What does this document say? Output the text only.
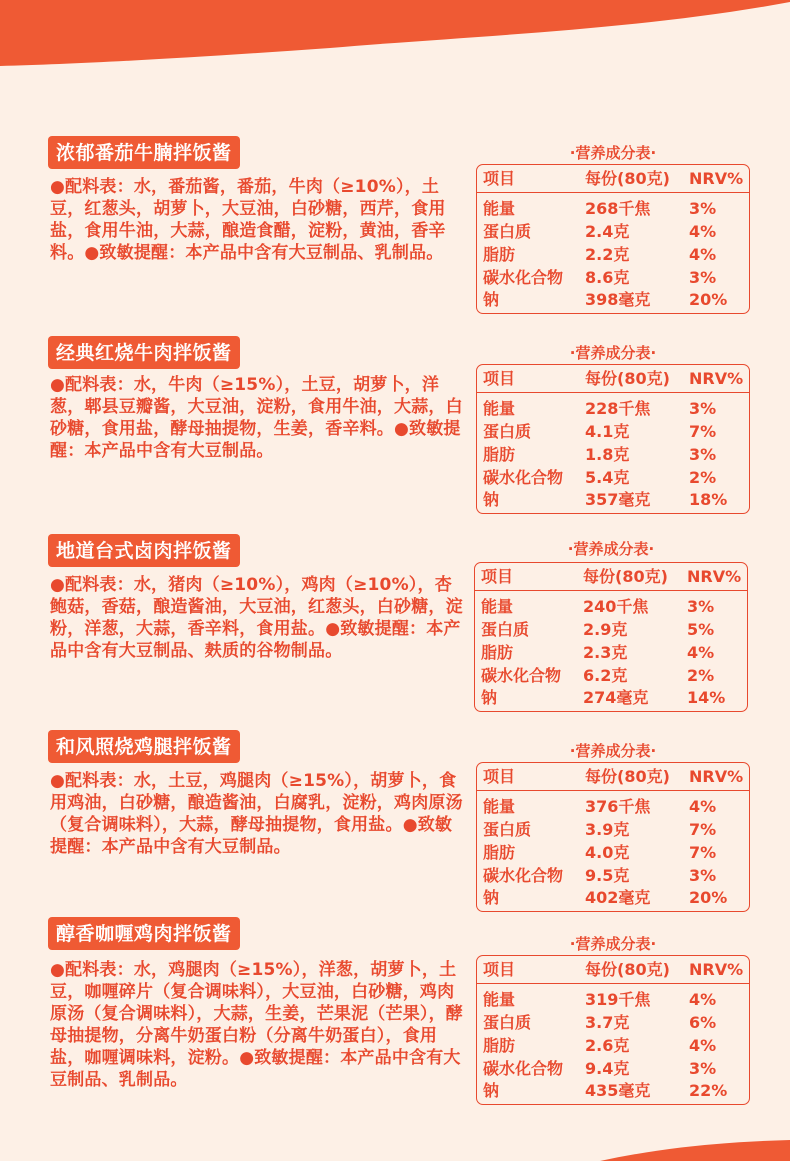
浓郁番茄牛腩拌饭酱
●配料表：水，番茄酱，番茄，牛肉（≥10%），土豆，红葱头，胡萝卜，大豆油，白砂糖，西芹，食用盐，食用牛油，大蒜，酿造食醋，淀粉，黄油，香辛料。●致敏提醒：本产品中含有大豆制品、乳制品。
·营养成分表·
项目	每份(80克) NRV%
能量	268千焦 3%
蛋白质	2.4克	4%
脂肪	2.2克	4%
碳水化合物 8.6克	3%
钠	398毫克 20%
经典红烧牛肉拌饭酱
●配料表：水，牛肉（≥15%），土豆，胡萝卜，洋葱，郫县豆瓣酱，大豆油，淀粉，食用牛油，大蒜，白砂糖，食用盐，酵母抽提物，生姜，香辛料。●致敏提醒：本产品中含有大豆制品。
·营养成分表·
项目	每份(80克) NRV%
能量	228千焦 3%
蛋白质	4.1克	7%
脂肪	1.8克	3%
碳水化合物 5.4克	2%
钠	357毫克 18%
地道台式卤肉拌饭酱
●配料表：水，猪肉（≥10%），鸡肉（≥10%），杏鲍菇，香菇，酿造酱油，大豆油，红葱头，白砂糖，淀粉，洋葱，大蒜，香辛料，食用盐。●致敏提醒：本产品中含有大豆制品、麸质的谷物制品。
·营养成分表·
项目	每份(80克) NRV%
能量	240千焦 3%
蛋白质	2.9克	5%
脂肪	2.3克	4%
碳水化合物 6.2克	2%
钠	274毫克 14%
和风照烧鸡腿拌饭酱
●配料表：水，土豆，鸡腿肉（≥15%），胡萝卜，食用鸡油，白砂糖，酿造酱油，白腐乳，淀粉，鸡肉原汤（复合调味料），大蒜，酵母抽提物，食用盐。●致敏提醒：本产品中含有大豆制品。
·营养成分表·
项目	每份(80克) NRV%
能量	376千焦 4%
蛋白质	3.9克	7%
脂肪	4.0克	7%
碳水化合物 9.5克	3%
钠	402毫克 20%
醇香咖喱鸡肉拌饭酱
●配料表：水，鸡腿肉（≥15%），洋葱，胡萝卜，土豆，咖喱碎片（复合调味料），大豆油，白砂糖，鸡肉原汤（复合调味料），大蒜，生姜，芒果泥（芒果），酵母抽提物，分离牛奶蛋白粉（分离牛奶蛋白），食用盐，咖喱调味料，淀粉。●致敏提醒：本产品中含有大豆制品、乳制品。
·营养成分表·
项目	每份(80克) NRV%
能量	319千焦 4%
蛋白质	3.7克	6%
脂肪	2.6克	4%
碳水化合物 9.4克	3%
钠	435毫克 22%
